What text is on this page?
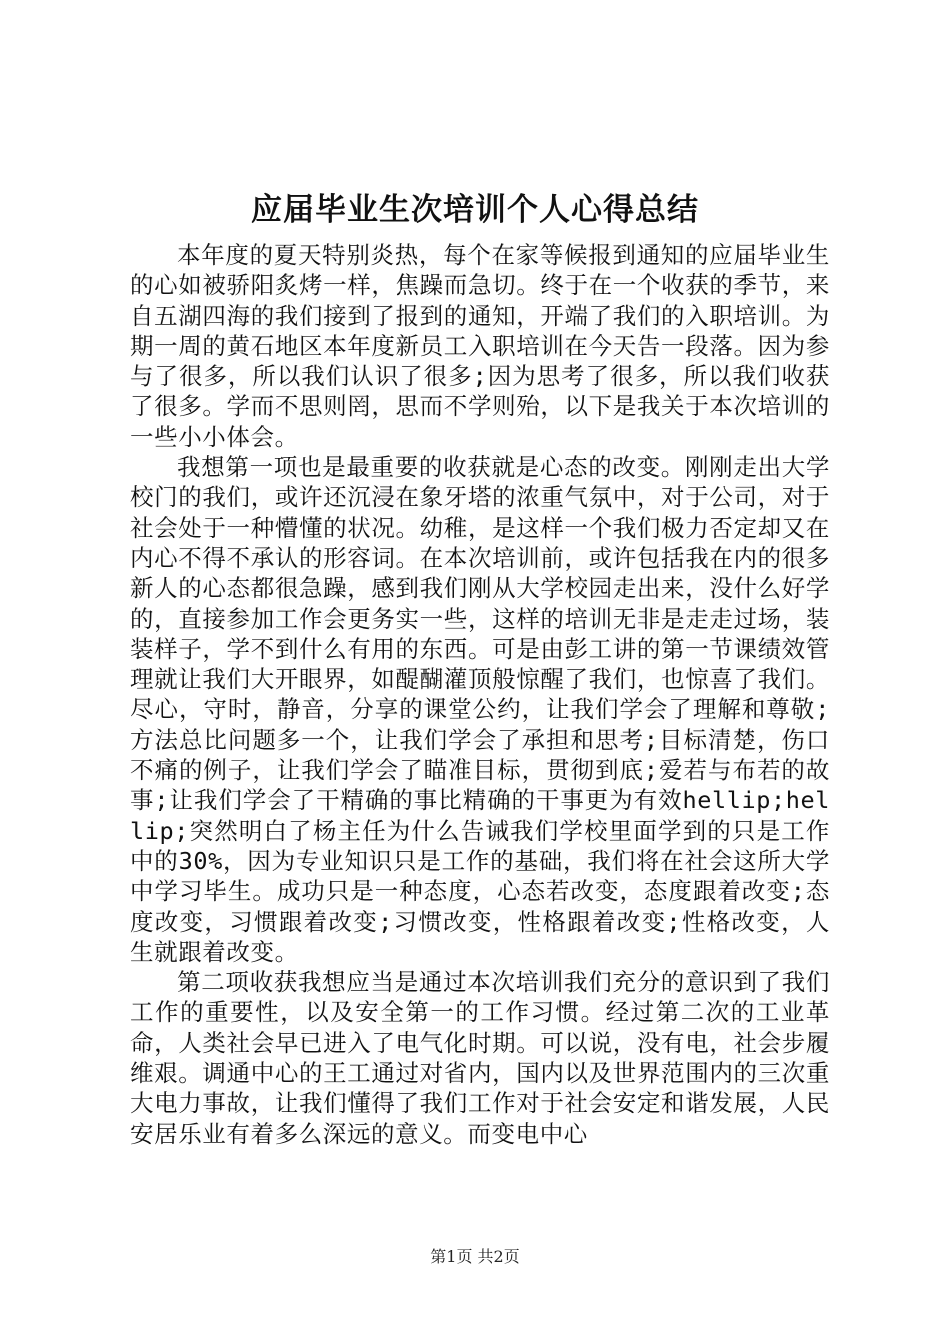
应届毕业生次培训个人心得总结

本年度的夏天特别炎热，每个在家等候报到通知的应届毕业生的心如被骄阳炙烤一样，焦躁而急切。终于在一个收获的季节，来自五湖四海的我们接到了报到的通知，开端了我们的入职培训。为期一周的黄石地区本年度新员工入职培训在今天告一段落。因为参与了很多，所以我们认识了很多;因为思考了很多，所以我们收获了很多。学而不思则罔，思而不学则殆，以下是我关于本次培训的一些小小体会。

我想第一项也是最重要的收获就是心态的改变。刚刚走出大学校门的我们，或许还沉浸在象牙塔的浓重气氛中，对于公司，对于社会处于一种懵懂的状况。幼稚，是这样一个我们极力否定却又在内心不得不承认的形容词。在本次培训前，或许包括我在内的很多新人的心态都很急躁，感到我们刚从大学校园走出来，没什么好学的，直接参加工作会更务实一些，这样的培训无非是走走过场，装装样子，学不到什么有用的东西。可是由彭工讲的第一节课绩效管理就让我们大开眼界，如醍醐灌顶般惊醒了我们，也惊喜了我们。尽心，守时，静音，分享的课堂公约，让我们学会了理解和尊敬;方法总比问题多一个，让我们学会了承担和思考;目标清楚，伤口不痛的例子，让我们学会了瞄准目标，贯彻到底;爱若与布若的故事;让我们学会了干精确的事比精确的干事更为有效hellip;hellip;突然明白了杨主任为什么告诫我们学校里面学到的只是工作中的30%，因为专业知识只是工作的基础，我们将在社会这所大学中学习毕生。成功只是一种态度，心态若改变，态度跟着改变;态度改变，习惯跟着改变;习惯改变，性格跟着改变;性格改变，人生就跟着改变。

第二项收获我想应当是通过本次培训我们充分的意识到了我们工作的重要性，以及安全第一的工作习惯。经过第二次的工业革命，人类社会早已进入了电气化时期。可以说，没有电，社会步履维艰。调通中心的王工通过对省内，国内以及世界范围内的三次重大电力事故，让我们懂得了我们工作对于社会安定和谐发展，人民安居乐业有着多么深远的意义。而变电中心

第1页 共2页
